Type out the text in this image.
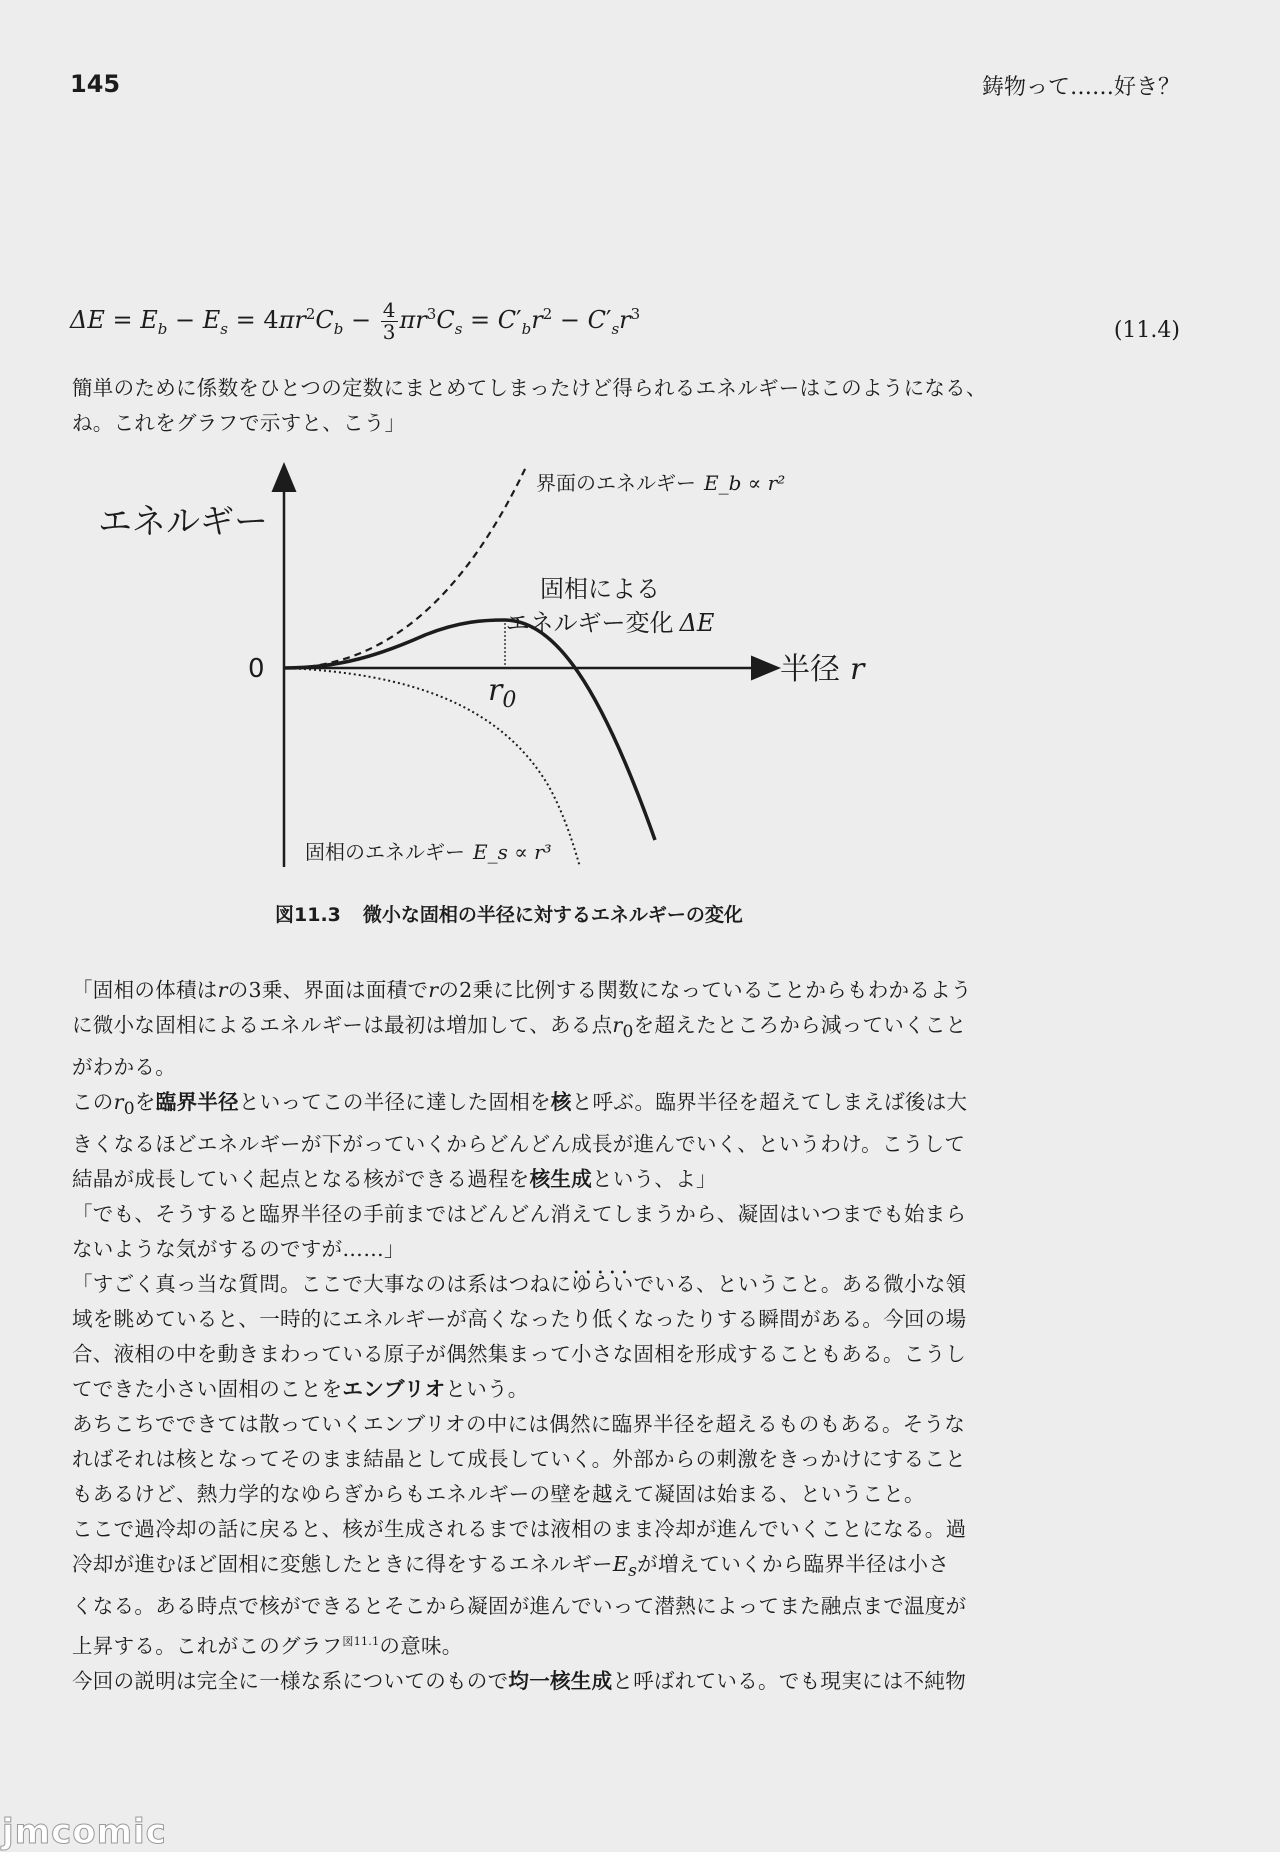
145	鋳物って……好き？
$\Delta E = E_b - E_s = 4\pi r^2C_b - \frac{4}{3} \pi r^3C_s = C'_br^2 - C'_sr^3$
(11.4)

簡単のために係数をひとつの定数にまとめてしまったけど得られるエネルギーはこのようになる、

ね。これをグラフで示すと、こう」

エネルギー
0	半径 r
$r_0$
界面のエネルギー E_b ∝ r²
固相による
エネルギー変化 ΔE
固相のエネルギー E_s ∝ r³
図11.3 微小な固相の半径に対するエネルギーの変化

「固相の体積はrの3乗、界面は面積でrの2乗に比例する関数になっていることからもわかるよう
に微小な固相によるエネルギーは最初は増加して、ある点$r_0$を超えたところから減っていくこと
がわかる。

この$r_0$を臨界半径といってこの半径に達した固相を核と呼ぶ。臨界半径を超えてしまえば後は大
きくなるほどエネルギーが下がっていくからどんどん成長が進んでいく、というわけ。こうして
結晶が成長していく起点となる核ができる過程を核生成という、よ」

「でも、そうすると臨界半径の手前まではどんどん消えてしまうから、凝固はいつまでも始まら
ないような気がするのですが……」

「すごく真っ当な質問。ここで大事なのは系はつねに• • • ゆらいでいる、ということ。ある微小な領
域を眺めていると、一時的にエネルギーが高くなったり低くなったりする瞬間がある。今回の場
合、液相の中を動きまわっている原子が偶然集まって小さな固相を形成することもある。こうし
てできた小さい固相のことをエンブリオという。

あちこちでできては散っていくエンブリオの中には偶然に臨界半径を超えるものもある。そうな
ればそれは核となってそのまま結晶として成長していく。外部からの刺激をきっかけにすること
もあるけど、熱力学的なゆらぎからもエネルギーの壁を越えて凝固は始まる、ということ。

ここで過冷却の話に戻ると、核が生成されるまでは液相のまま冷却が進んでいくことになる。過
冷却が進むほど固相に変態したときに得をするエネルギー$E_s$が増えていくから臨界半径は小さ
くなる。ある時点で核ができるとそこから凝固が進んでいって潜熱によってまた融点まで温度が
上昇する。これがこのグラフ$^{図11.1}$の意味。

今回の説明は完全に一様な系についてのもので均一核生成と呼ばれている。でも現実には不純物

jmcomic
